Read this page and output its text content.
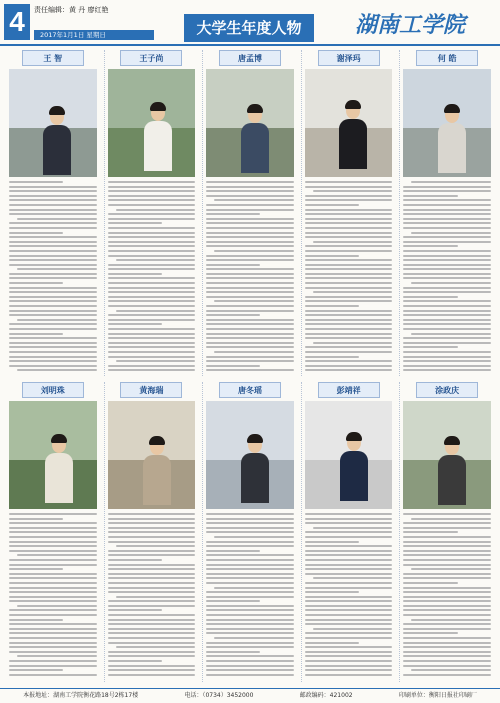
4	责任编辑：黄 丹 廖红艳
2017年1月1日 星期日	大学生年度人物	湖南工学院
王 智	王子尚	唐孟博	谢泽玛	何 皓
刘明珠	黄海瑞	唐冬瑶	彭靖祥	涂政庆
本报地址：湖南工学院衡花路18号2栋17楼	电话：（0734）3452000	邮政编码：421002	印刷单位：衡阳日报社印刷厂
